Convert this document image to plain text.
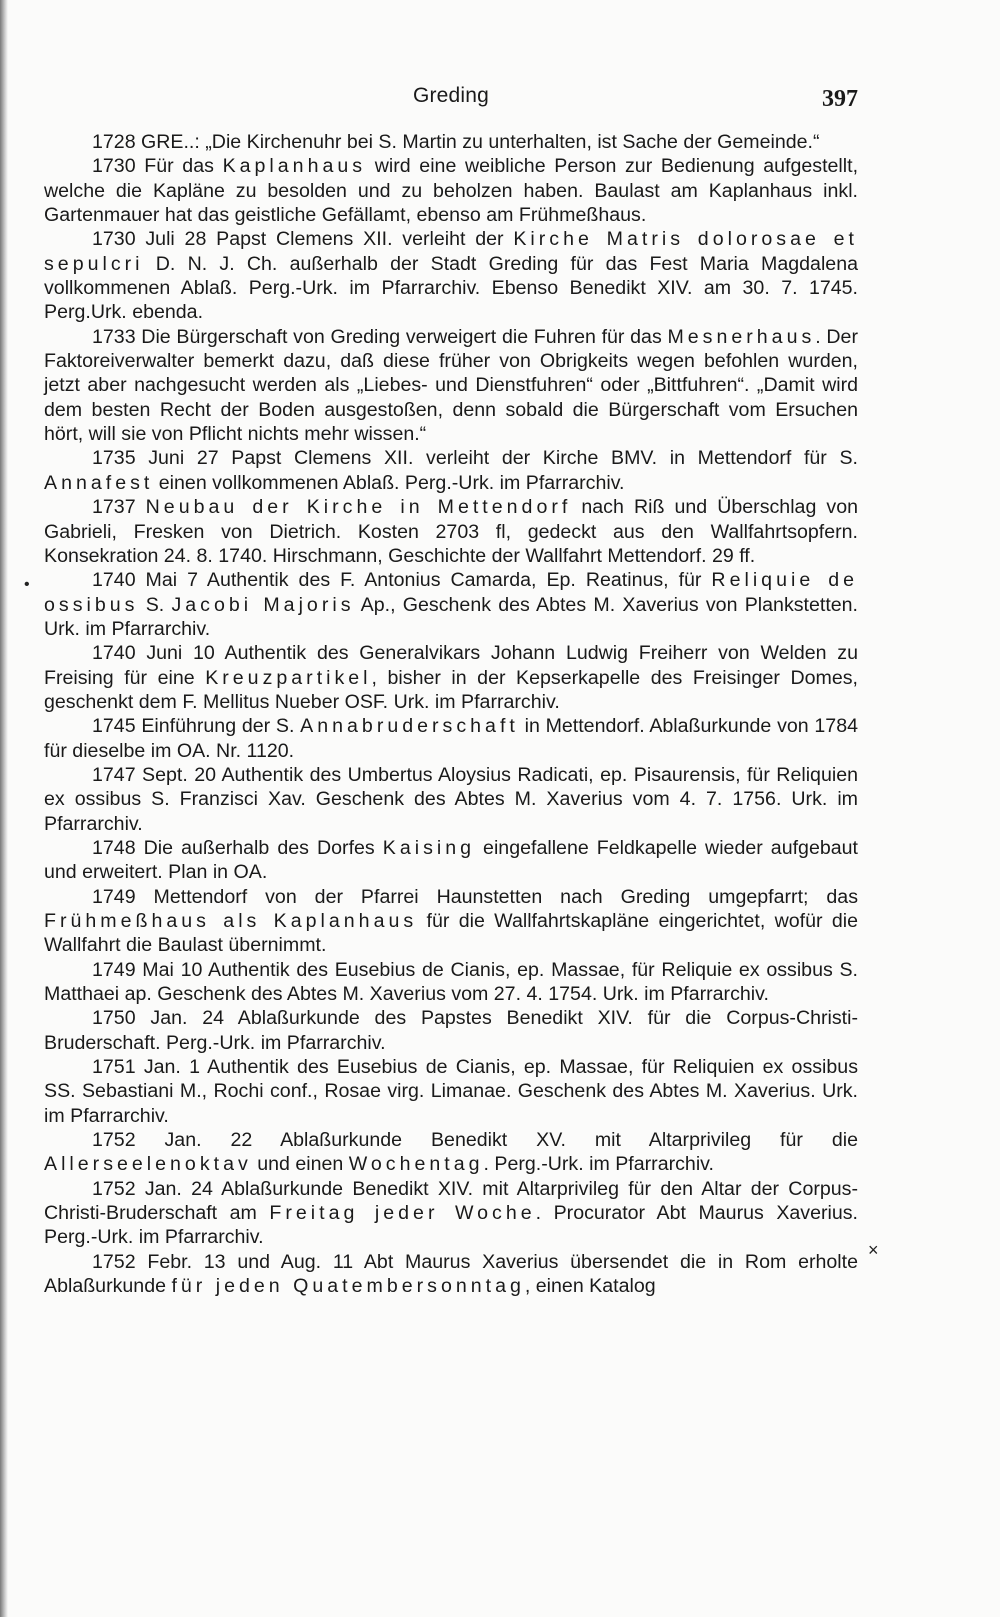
Greding	397

1728 GRE..: „Die Kirchenuhr bei S. Martin zu unterhalten, ist Sache der Gemeinde.“

1730 Für das Kaplanhaus wird eine weibliche Person zur Bedienung aufgestellt, welche die Kapläne zu besolden und zu beholzen haben. Baulast am Kaplanhaus inkl. Gartenmauer hat das geistliche Gefällamt, ebenso am Frühmeßhaus.

1730 Juli 28 Papst Clemens XII. verleiht der Kirche Matris dolorosae et sepulcri D. N. J. Ch. außerhalb der Stadt Greding für das Fest Maria Magdalena vollkommenen Ablaß. Perg.-Urk. im Pfarrarchiv. Ebenso Benedikt XIV. am 30. 7. 1745. Perg.Urk. ebenda.

1733 Die Bürgerschaft von Greding verweigert die Fuhren für das Mesnerhaus. Der Faktoreiverwalter bemerkt dazu, daß diese früher von Obrigkeits wegen befohlen wurden, jetzt aber nachgesucht werden als „Liebes- und Dienstfuhren“ oder „Bittfuhren“. „Damit wird dem besten Recht der Boden ausgestoßen, denn sobald die Bürgerschaft vom Ersuchen hört, will sie von Pflicht nichts mehr wissen.“

1735 Juni 27 Papst Clemens XII. verleiht der Kirche BMV. in Mettendorf für S. Annafest einen vollkommenen Ablaß. Perg.-Urk. im Pfarrarchiv.

1737 Neubau der Kirche in Mettendorf nach Riß und Überschlag von Gabrieli, Fresken von Dietrich. Kosten 2703 fl, gedeckt aus den Wallfahrtsopfern. Konsekration 24. 8. 1740. Hirschmann, Geschichte der Wallfahrt Mettendorf. 29 ff.

1740 Mai 7 Authentik des F. Antonius Camarda, Ep. Reatinus, für Reliquie de ossibus S. Jacobi Majoris Ap., Geschenk des Abtes M. Xaverius von Plankstetten. Urk. im Pfarrarchiv.

1740 Juni 10 Authentik des Generalvikars Johann Ludwig Freiherr von Welden zu Freising für eine Kreuzpartikel, bisher in der Kepserkapelle des Freisinger Domes, geschenkt dem F. Mellitus Nueber OSF. Urk. im Pfarrarchiv.

1745 Einführung der S. Annabruderschaft in Mettendorf. Ablaßurkunde von 1784 für dieselbe im OA. Nr. 1120.

1747 Sept. 20 Authentik des Umbertus Aloysius Radicati, ep. Pisaurensis, für Reliquien ex ossibus S. Franzisci Xav. Geschenk des Abtes M. Xaverius vom 4. 7. 1756. Urk. im Pfarrarchiv.

1748 Die außerhalb des Dorfes Kaising eingefallene Feldkapelle wieder aufgebaut und erweitert. Plan in OA.

1749 Mettendorf von der Pfarrei Haunstetten nach Greding umgepfarrt; das Frühmeßhaus als Kaplanhaus für die Wallfahrtskapläne eingerichtet, wofür die Wallfahrt die Baulast übernimmt.

1749 Mai 10 Authentik des Eusebius de Cianis, ep. Massae, für Reliquie ex ossibus S. Matthaei ap. Geschenk des Abtes M. Xaverius vom 27. 4. 1754. Urk. im Pfarrarchiv.

1750 Jan. 24 Ablaßurkunde des Papstes Benedikt XIV. für die Corpus-Christi-Bruderschaft. Perg.-Urk. im Pfarrarchiv.

1751 Jan. 1 Authentik des Eusebius de Cianis, ep. Massae, für Reliquien ex ossibus SS. Sebastiani M., Rochi conf., Rosae virg. Limanae. Geschenk des Abtes M. Xaverius. Urk. im Pfarrarchiv.

1752 Jan. 22 Ablaßurkunde Benedikt XV. mit Altarprivileg für die Allerseelenoktav und einen Wochentag. Perg.-Urk. im Pfarrarchiv.

1752 Jan. 24 Ablaßurkunde Benedikt XIV. mit Altarprivileg für den Altar der Corpus-Christi-Bruderschaft am Freitag jeder Woche. Procurator Abt Maurus Xaverius. Perg.-Urk. im Pfarrarchiv.

1752 Febr. 13 und Aug. 11 Abt Maurus Xaverius übersendet die in Rom erholte Ablaßurkunde für jeden Quatembersonntag, einen Katalog

•
×
